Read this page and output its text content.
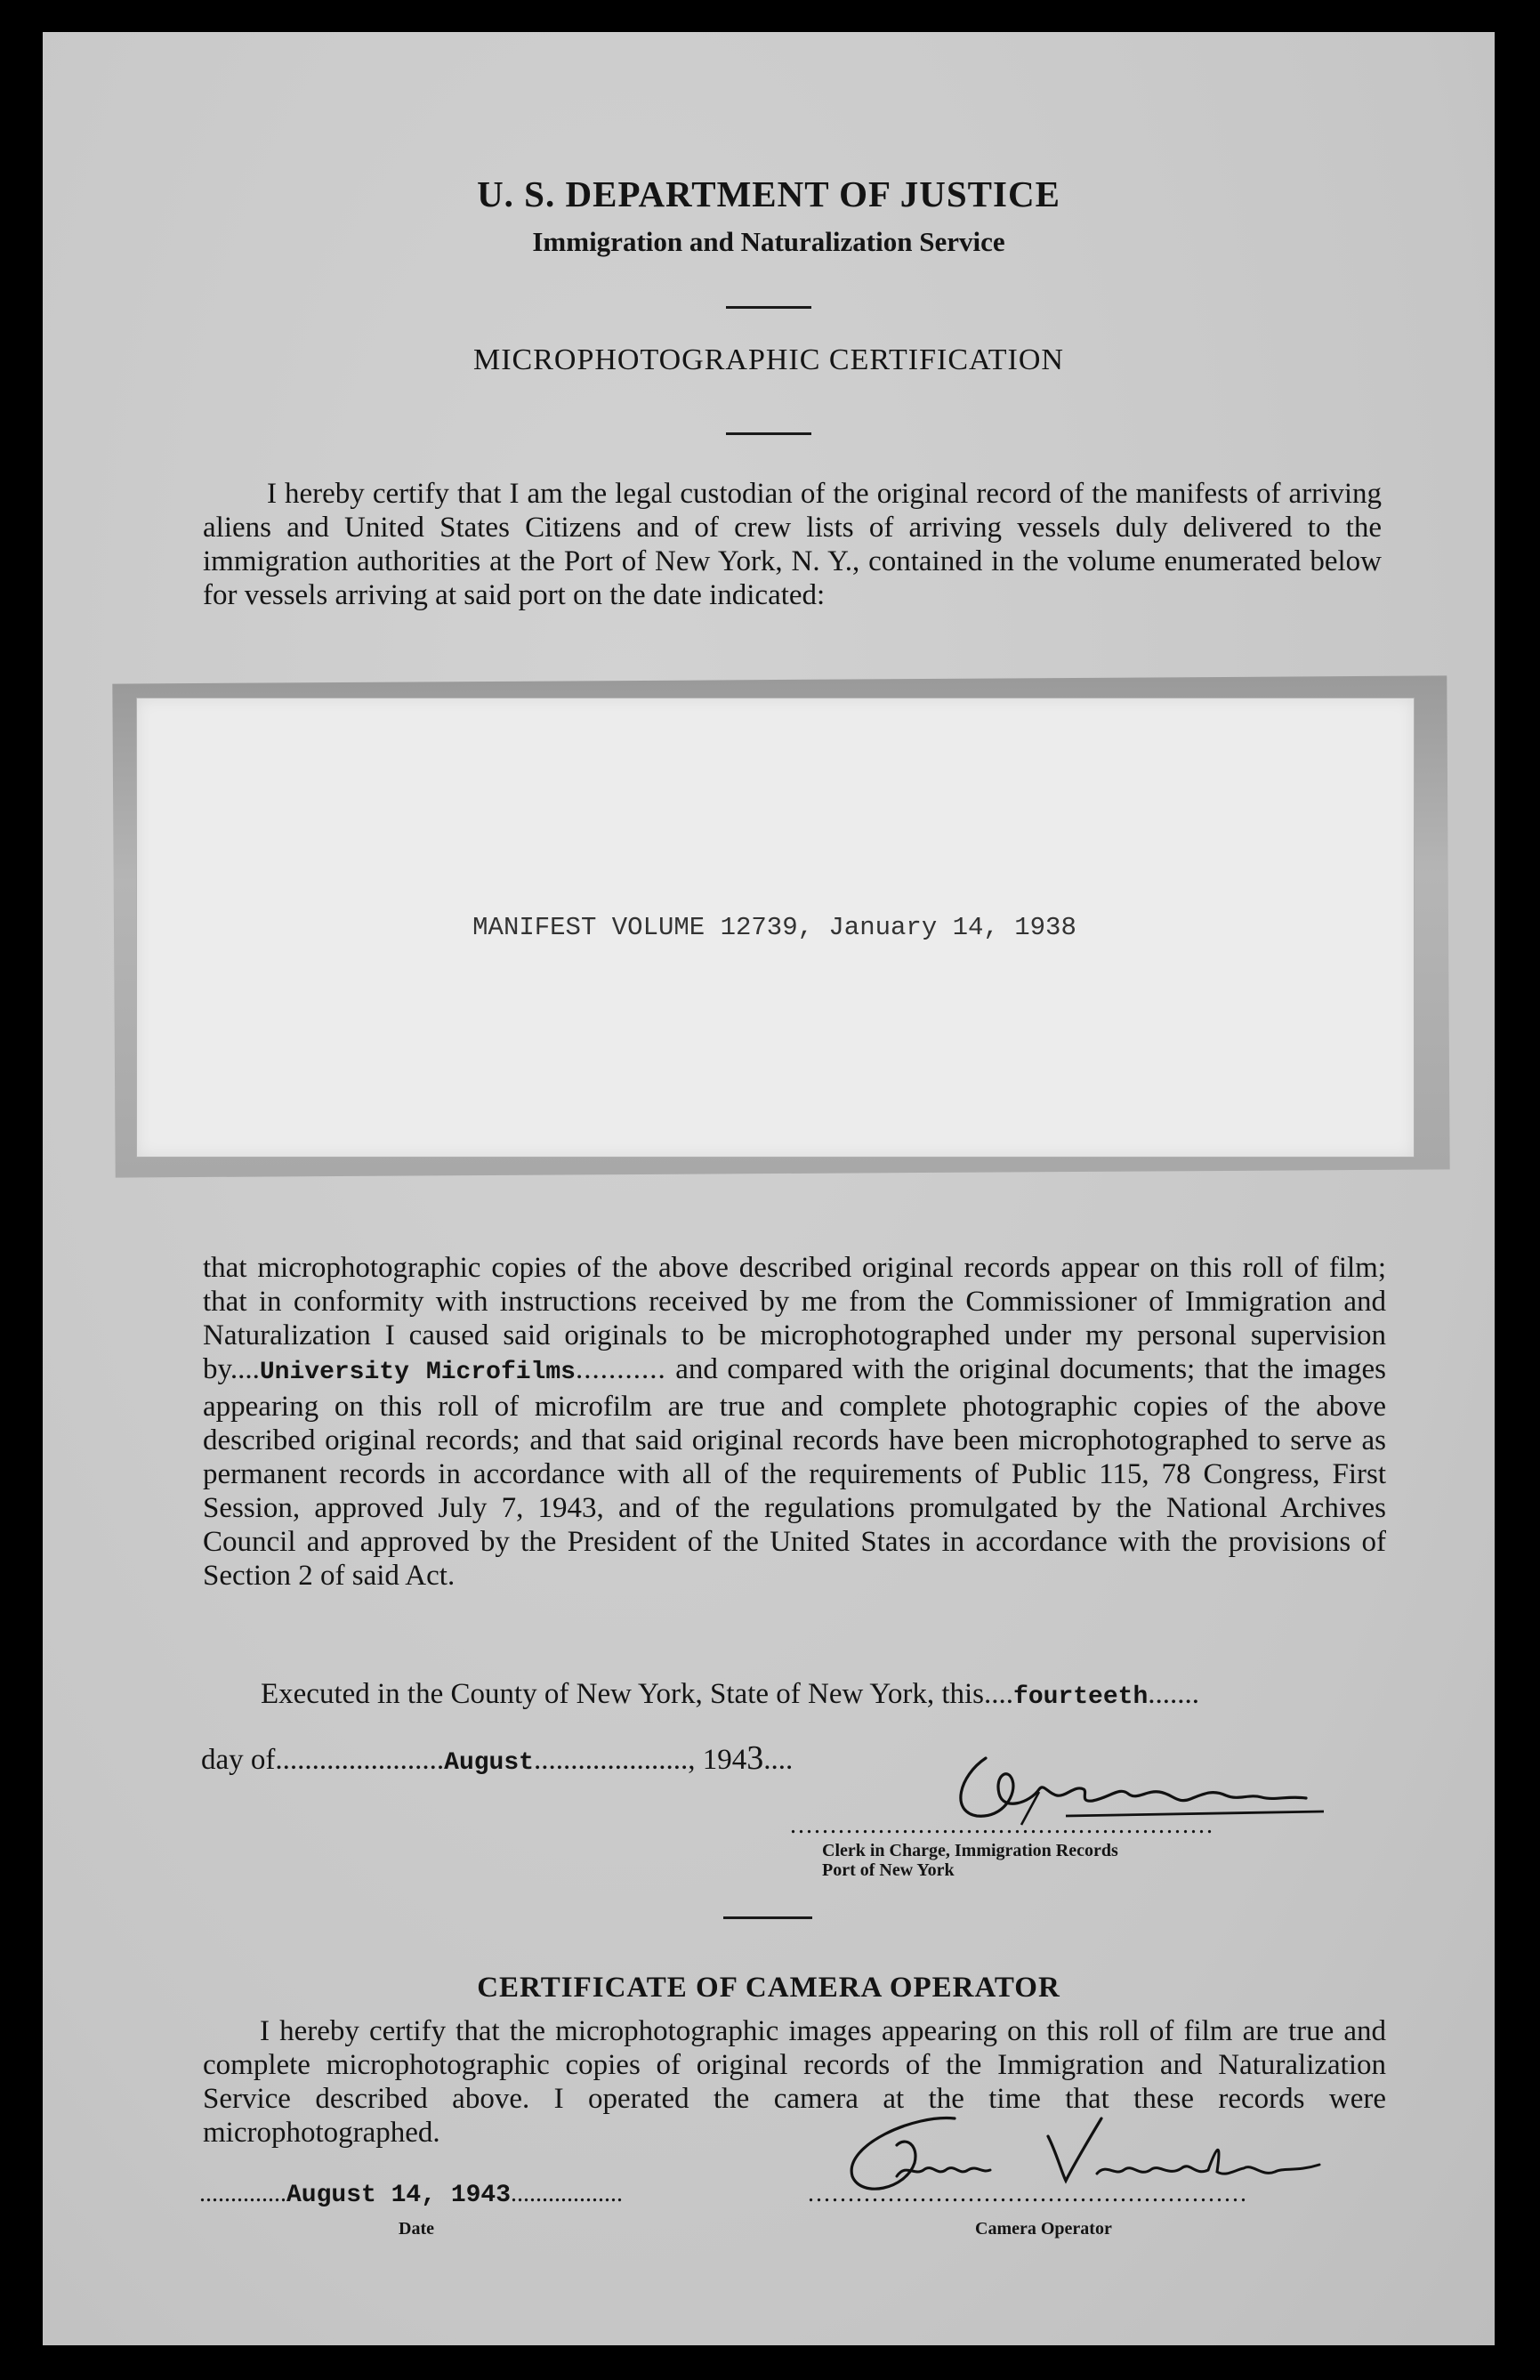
U. S. DEPARTMENT OF JUSTICE
Immigration and Naturalization Service
MICROPHOTOGRAPHIC CERTIFICATION
I hereby certify that I am the legal custodian of the original record of the manifests of arriving aliens and United States Citizens and of crew lists of arriving vessels duly delivered to the immigration authorities at the Port of New York, N. Y., contained in the volume enumerated below for vessels arriving at said port on the date indicated:
MANIFEST VOLUME 12739, January 14, 1938
that microphotographic copies of the above described original records appear on this roll of film; that in conformity with instructions received by me from the Commissioner of Immigration and Naturalization I caused said originals to be microphotographed under my personal supervision by....University Microfilms........... and compared with the original documents; that the images appearing on this roll of microfilm are true and complete photographic copies of the above described original records; and that said original records have been microphotographed to serve as permanent records in accordance with all of the requirements of Public 115, 78 Congress, First Session, approved July 7, 1943, and of the regulations promulgated by the National Archives Council and approved by the President of the United States in accordance with the provisions of Section 2 of said Act.
Executed in the County of New York, State of New York, this....fourteeth.......
day of.......................August....................., 1943....
.....................................................
Clerk in Charge, Immigration Records
Port of New York
CERTIFICATE OF CAMERA OPERATOR
I hereby certify that the microphotographic images appearing on this roll of film are true and complete microphotographic copies of original records of the Immigration and Naturalization Service described above. I operated the camera at the time that these records were microphotographed.
..............August 14, 1943..................
Date
.......................................................
Camera Operator
